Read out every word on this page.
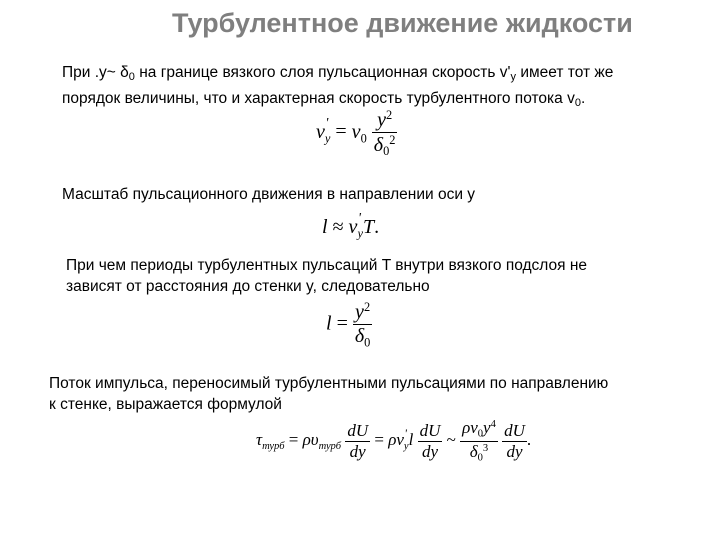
Турбулентное движение жидкости
При .y~ $\delta_0$ на границе вязкого слоя пульсационная скорость $v'_y$ имеет тот же
порядок величины, что и характерная скорость турбулентного потока $v_0$.
v '
$_y = v_0 \frac{y^2}{\delta_0^2}$
Масштаб пульсационного движения в направлении оси y
l ≈ v '
$_y$T.
При чем периоды турбулентных пульсаций T внутри вязкого подслоя не
зависят от расстояния до стенки y, следовательно
$l = \frac{y^2}{\delta_0}$
Поток импульса, переносимый турбулентными пульсациями по направлению
к стенке, выражается формулой
$\tau_{турб} = \rho\upsilon_{турб} \frac{dU}{dy} = \rho v$ '
$_yl \frac{dU}{dy}$ ~ $\frac{\rho v_0y^4}{\delta_0^3}$
$\frac{dU}{dy}$ .
